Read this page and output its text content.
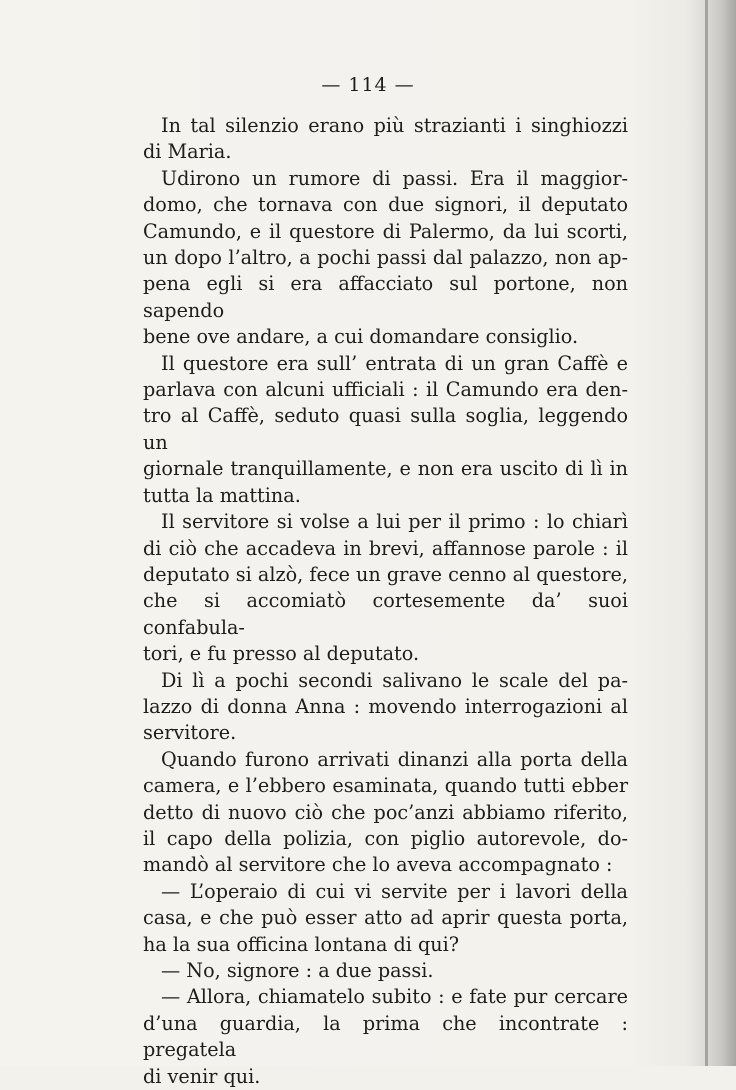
— 114 —

In tal silenzio erano più strazianti i singhiozzi

di Maria.

Udirono un rumore di passi. Era il maggior-

domo, che tornava con due signori, il deputato

Camundo, e il questore di Palermo, da lui scorti,

un dopo l’altro, a pochi passi dal palazzo, non ap-

pena egli si era affacciato sul portone, non sapendo

bene ove andare, a cui domandare consiglio.

Il questore era sull’ entrata di un gran Caffè e

parlava con alcuni ufficiali : il Camundo era den-

tro al Caffè, seduto quasi sulla soglia, leggendo un

giornale tranquillamente, e non era uscito di lì in

tutta la mattina.

Il servitore si volse a lui per il primo : lo chiarì

di ciò che accadeva in brevi, affannose parole : il

deputato si alzò, fece un grave cenno al questore,

che si accomiatò cortesemente da’ suoi confabula-

tori, e fu presso al deputato.

Di lì a pochi secondi salivano le scale del pa-

lazzo di donna Anna : movendo interrogazioni al

servitore.

Quando furono arrivati dinanzi alla porta della

camera, e l’ebbero esaminata, quando tutti ebber

detto di nuovo ciò che poc’anzi abbiamo riferito,

il capo della polizia, con piglio autorevole, do-

mandò al servitore che lo aveva accompagnato :

— L’operaio di cui vi servite per i lavori della

casa, e che può esser atto ad aprir questa porta,

ha la sua officina lontana di qui?

— No, signore : a due passi.

— Allora, chiamatelo subito : e fate pur cercare

d’una guardia, la prima che incontrate : pregatela

di venir qui.
